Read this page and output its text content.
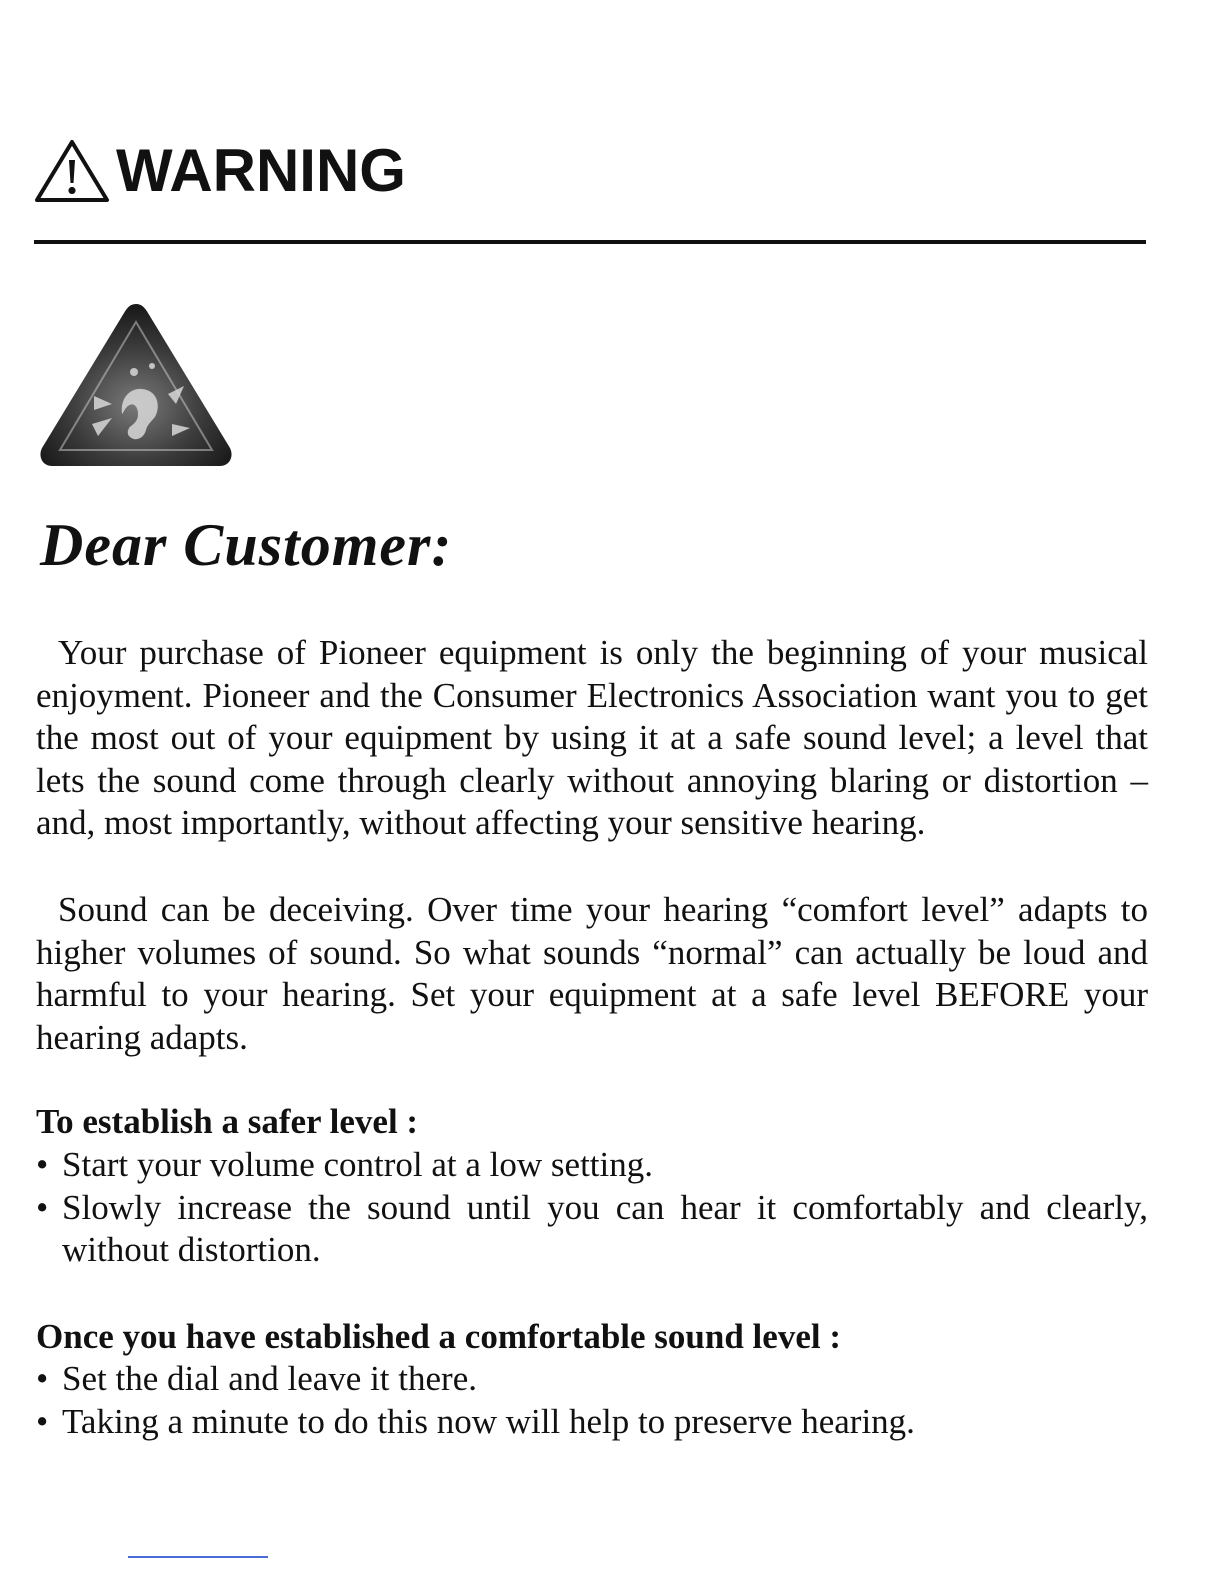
WARNING
Dear Customer:

Your purchase of Pioneer equipment is only the beginning of your musical enjoyment. Pioneer and the Consumer Electronics Association want you to get the most out of your equipment by using it at a safe sound level; a level that lets the sound come through clearly without annoying blaring or distortion – and, most importantly, without affecting your sensitive hearing.

Sound can be deceiving. Over time your hearing “comfort level” adapts to higher volumes of sound. So what sounds “normal” can actually be loud and harmful to your hearing. Set your equipment at a safe level BEFORE your hearing adapts.

To establish a safer level :

• Start your volume control at a low setting.
• Slowly increase the sound until you can hear it comfortably and clearly, without distortion.

Once you have established a comfortable sound level :

• Set the dial and leave it there.
• Taking a minute to do this now will help to preserve hearing.
